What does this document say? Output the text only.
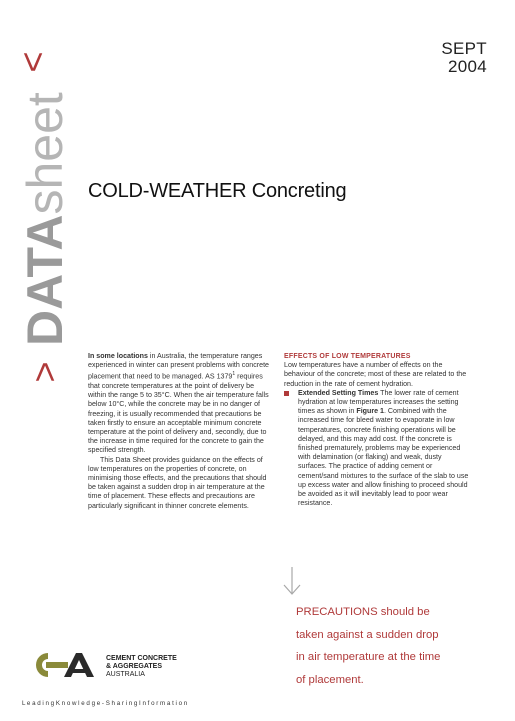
<
DATAsheet
>
SEPT
2004
COLD-WEATHER Concreting

In some locations in Australia, the temperature ranges experienced in winter can present problems with concrete placement that need to be managed. AS 1379$^1$ requires that concrete temperatures at the point of delivery be within the range 5 to 35°C. When the air temperature falls below 10°C, while the concrete may be in no danger of freezing, it is usually recommended that precautions be taken firstly to ensure an acceptable minimum concrete temperature at the point of delivery and, secondly, due to the increase in time required for the concrete to gain the specified strength.

This Data Sheet provides guidance on the effects of low temperatures on the properties of concrete, on minimising those effects, and the precautions that should be taken against a sudden drop in air temperature at the time of placement. These effects and precautions are particularly significant in thinner concrete elements.

EFFECTS OF LOW TEMPERATURES

Low temperatures have a number of effects on the behaviour of the concrete; most of these are related to the reduction in the rate of cement hydration.

Extended Setting Times The lower rate of cement hydration at low temperatures increases the setting times as shown in Figure 1. Combined with the increased time for bleed water to evaporate in low temperatures, concrete finishing operations will be delayed, and this may add cost. If the concrete is finished prematurely, problems may be experienced with delamination (or flaking) and weak, dusty surfaces. The practice of adding cement or cement/sand mixtures to the surface of the slab to use up excess water and allow finishing to proceed should be avoided as it will inevitably lead to poor wear resistance.
PRECAUTIONS should be
taken against a sudden drop
in air temperature at the time
of placement.
CEMENT CONCRETE
& AGGREGATES
AUSTRALIA
L e a d i n g K n o w l e d g e - S h a r i n g I n f o r m a t i o n
